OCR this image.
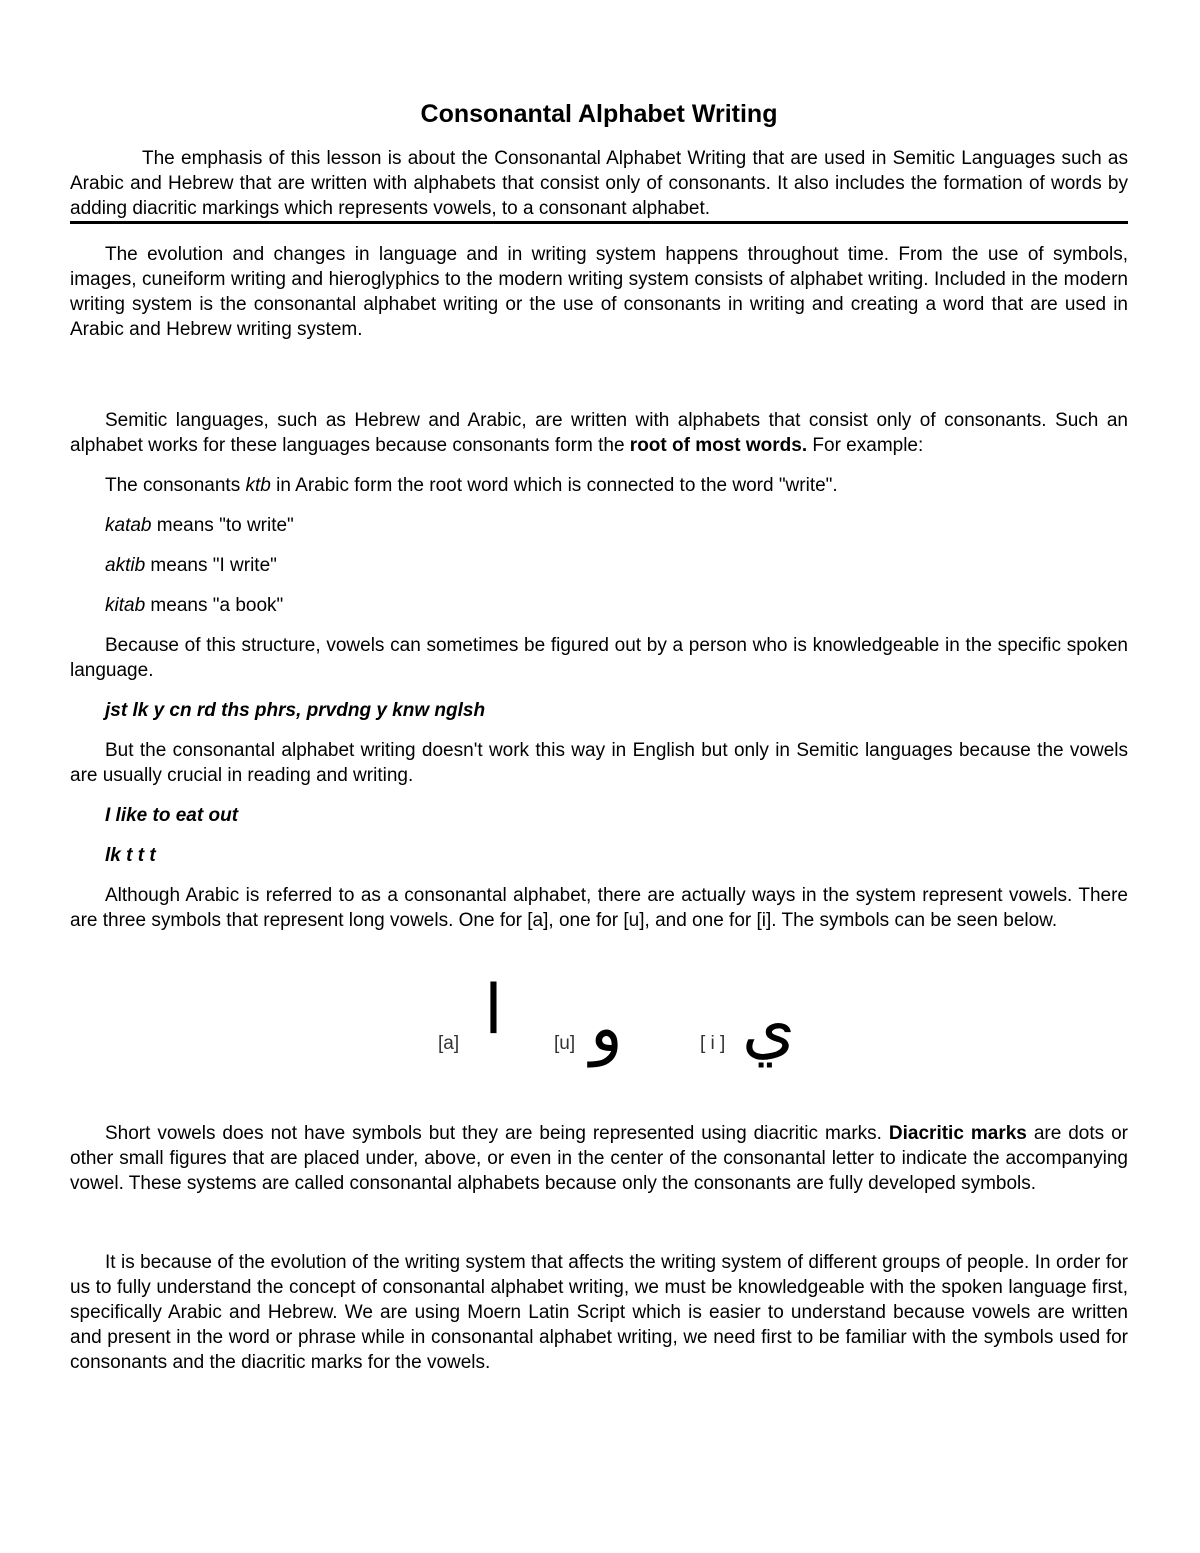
Consonantal Alphabet Writing

The emphasis of this lesson is about the Consonantal Alphabet Writing that are used in Semitic Languages such as Arabic and Hebrew that are written with alphabets that consist only of consonants. It also includes the formation of words by adding diacritic markings which represents vowels, to a consonant alphabet.

The evolution and changes in language and in writing system happens throughout time. From the use of symbols, images, cuneiform writing and hieroglyphics to the modern writing system consists of alphabet writing. Included in the modern writing system is the consonantal alphabet writing or the use of consonants in writing and creating a word that are used in Arabic and Hebrew writing system.

Semitic languages, such as Hebrew and Arabic, are written with alphabets that consist only of consonants. Such an alphabet works for these languages because consonants form the root of most words. For example:

The consonants ktb in Arabic form the root word which is connected to the word "write".

katab means "to write"

aktib means "I write"

kitab means "a book"

Because of this structure, vowels can sometimes be figured out by a person who is knowledgeable in the specific spoken language.

jst lk y cn rd ths phrs, prvdng y knw nglsh

But the consonantal alphabet writing doesn't work this way in English but only in Semitic languages because the vowels are usually crucial in reading and writing.

I like to eat out

lk t t t

Although Arabic is referred to as a consonantal alphabet, there are actually ways in the system represent vowels. There are three symbols that represent long vowels. One for [a], one for [u], and one for [i]. The symbols can be seen below.

[a] ا	[u] و	[ i ] ي

Short vowels does not have symbols but they are being represented using diacritic marks. Diacritic marks are dots or other small figures that are placed under, above, or even in the center of the consonantal letter to indicate the accompanying vowel. These systems are called consonantal alphabets because only the consonants are fully developed symbols.

It is because of the evolution of the writing system that affects the writing system of different groups of people. In order for us to fully understand the concept of consonantal alphabet writing, we must be knowledgeable with the spoken language first, specifically Arabic and Hebrew. We are using Moern Latin Script which is easier to understand because vowels are written and present in the word or phrase while in consonantal alphabet writing, we need first to be familiar with the symbols used for consonants and the diacritic marks for the vowels.
